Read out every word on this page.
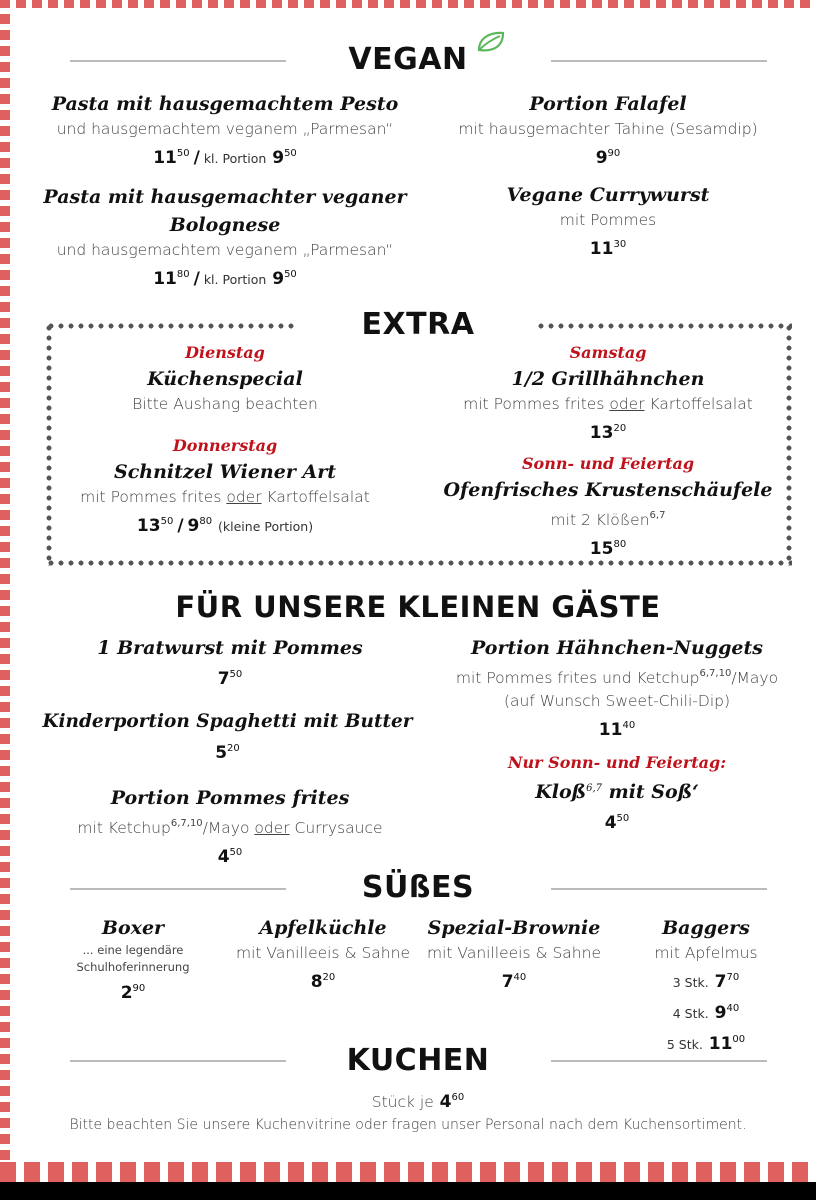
VEGAN
Pasta mit hausgemachtem Pesto
und hausgemachtem veganem „Parmesan“
$11^{50}$ / kl. Portion $9^{50}$
Pasta mit hausgemachter veganer
Bolognese
und hausgemachtem veganem „Parmesan“
$11^{80}$ / kl. Portion $9^{50}$
Portion Falafel
mit hausgemachter Tahine (Sesamdip)
$9^{90}$
Vegane Currywurst
mit Pommes
$11^{30}$
EXTRA
Dienstag
Küchenspecial
Bitte Aushang beachten
Donnerstag
Schnitzel Wiener Art
mit Pommes frites oder Kartoffelsalat
$13^{50} / 9^{80}$ (kleine Portion)
Samstag
1/2 Grillhähnchen
mit Pommes frites oder Kartoffelsalat
$13^{20}$
Sonn- und Feiertag
Ofenfrisches Krustenschäufele
mit 2 Klößen$^{6,7}$
$15^{80}$
FÜR UNSERE KLEINEN GÄSTE
1 Bratwurst mit Pommes
$7^{50}$
Kinderportion Spaghetti mit Butter
$5^{20}$
Portion Pommes frites
mit Ketchup$^{6,7,10}$/Mayo oder Currysauce
$4^{50}$
Portion Hähnchen-Nuggets
mit Pommes frites und Ketchup$^{6,7,10}$/Mayo
(auf Wunsch Sweet-Chili-Dip)
$11^{40}$
Nur Sonn- und Feiertag:
Kloß$^{6,7}$ mit Soß‘
$4^{50}$
SÜßES
Boxer
... eine legendäre
Schulhoferinnerung
$2^{90}$
Apfelküchle
mit Vanilleeis & Sahne
$8^{20}$
Spezial-Brownie
mit Vanilleeis & Sahne
$7^{40}$
Baggers
mit Apfelmus
3 Stk. $7^{70}$
4 Stk. $9^{40}$
5 Stk. $11^{00}$
KUCHEN
Stück je $4^{60}$
Bitte beachten Sie unsere Kuchenvitrine oder fragen unser Personal nach dem Kuchensortiment.
